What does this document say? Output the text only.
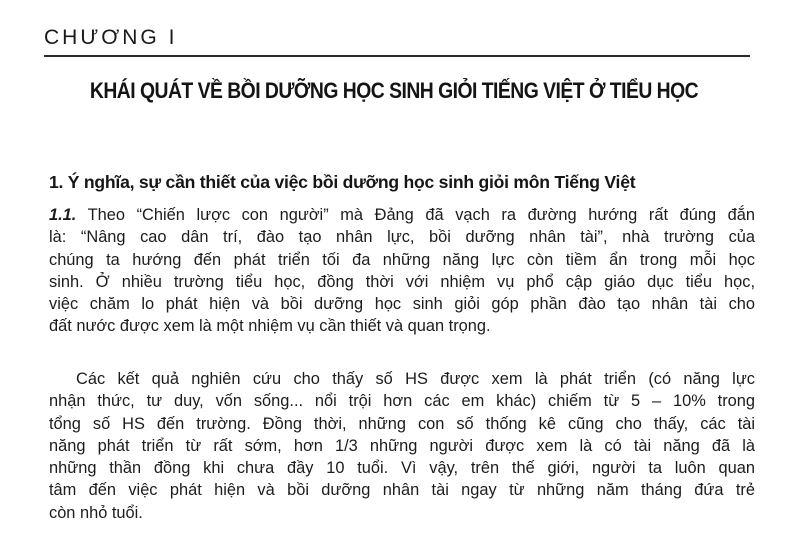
CHƯƠNG I
KHÁI QUÁT VỀ BỒI DƯỠNG HỌC SINH GIỎI TIẾNG VIỆT Ở TIỂU HỌC
1. Ý nghĩa, sự cần thiết của việc bồi dưỡng học sinh giỏi môn Tiếng Việt
1.1. Theo “Chiến lược con người” mà Đảng đã vạch ra đường hướng rất đúng đắn
là: “Nâng cao dân trí, đào tạo nhân lực, bồi dưỡng nhân tài”, nhà trường của
chúng ta hướng đến phát triển tối đa những năng lực còn tiềm ẩn trong mỗi học
sinh. Ở nhiều trường tiểu học, đồng thời với nhiệm vụ phổ cập giáo dục tiểu học,
việc chăm lo phát hiện và bồi dưỡng học sinh giỏi góp phần đào tạo nhân tài cho
đất nước được xem là một nhiệm vụ cần thiết và quan trọng.
Các kết quả nghiên cứu cho thấy số HS được xem là phát triển (có năng lực
nhận thức, tư duy, vốn sống... nổi trội hơn các em khác) chiếm từ 5 – 10% trong
tổng số HS đến trường. Đồng thời, những con số thống kê cũng cho thấy, các tài
năng phát triển từ rất sớm, hơn 1/3 những người được xem là có tài năng đã là
những thần đồng khi chưa đầy 10 tuổi. Vì vậy, trên thế giới, người ta luôn quan
tâm đến việc phát hiện và bồi dưỡng nhân tài ngay từ những năm tháng đứa trẻ
còn nhỏ tuổi.
